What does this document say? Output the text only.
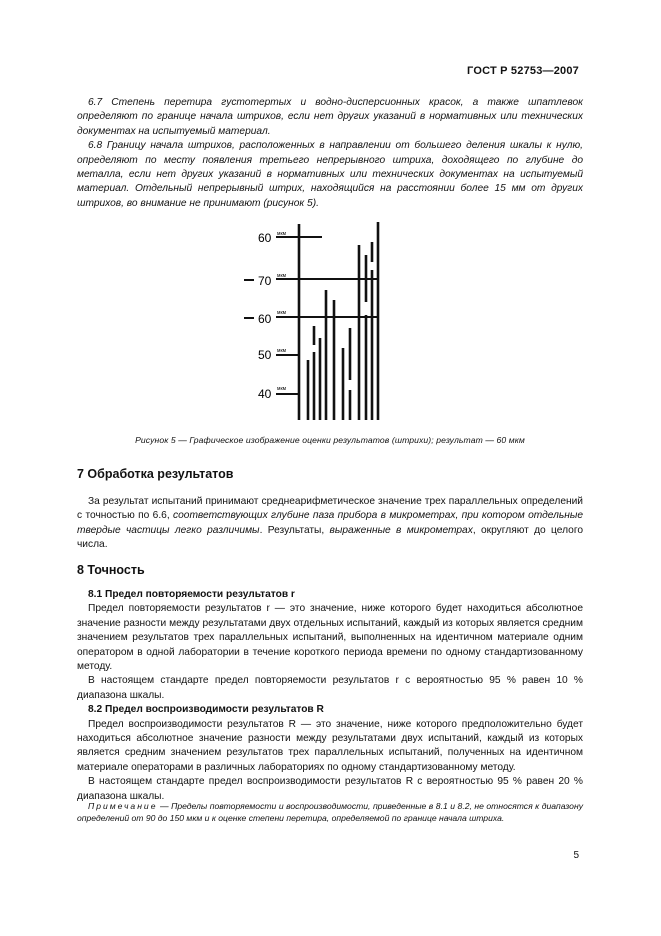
ГОСТ Р 52753—2007

6.7 Степень перетира густотертых и водно-дисперсионных красок, а также шпатлевок определяют по границе начала штрихов, если нет других указаний в нормативных или технических документах на испытуемый материал.

6.8 Границу начала штрихов, расположенных в направлении от большего деления шкалы к нулю, определяют по месту появления третьего непрерывного штриха, доходящего по глубине до металла, если нет других указаний в нормативных или технических документах на испытуемый материал. Отдельный непрерывный штрих, находящийся на расстоянии более 15 мм от других штрихов, во внимание не принимают (рисунок 5).

60
70
60
50
40
мкм
мкм
мкм
мкм
мкм
Рисунок 5 — Графическое изображение оценки результатов (штрихи); результат — 60 мкм
7 Обработка результатов

За результат испытаний принимают среднеарифметическое значение трех параллельных определений с точностью по 6.6, соответствующих глубине паза прибора в микрометрах, при котором отдельные твердые частицы легко различимы. Результаты, выраженные в микрометрах, округляют до целого числа.

8 Точность

8.1 Предел повторяемости результатов r

Предел повторяемости результатов r — это значение, ниже которого будет находиться абсолютное значение разности между результатами двух отдельных испытаний, каждый из которых является средним значением результатов трех параллельных испытаний, выполненных на идентичном материале одним оператором в одной лаборатории в течение короткого периода времени по одному стандартизованному методу.

В настоящем стандарте предел повторяемости результатов r с вероятностью 95 % равен 10 % диапазона шкалы.

8.2 Предел воспроизводимости результатов R

Предел воспроизводимости результатов R — это значение, ниже которого предположительно будет находиться абсолютное значение разности между результатами двух испытаний, каждый из которых является средним значением результатов трех параллельных испытаний, полученных на идентичном материале операторами в различных лабораториях по одному стандартизованному методу.

В настоящем стандарте предел воспроизводимости результатов R с вероятностью 95 % равен 20 % диапазона шкалы.

Примечание — Пределы повторяемости и воспроизводимости, приведенные в 8.1 и 8.2, не относятся к диапазону определений от 90 до 150 мкм и к оценке степени перетира, определяемой по границе начала штриха.
5
